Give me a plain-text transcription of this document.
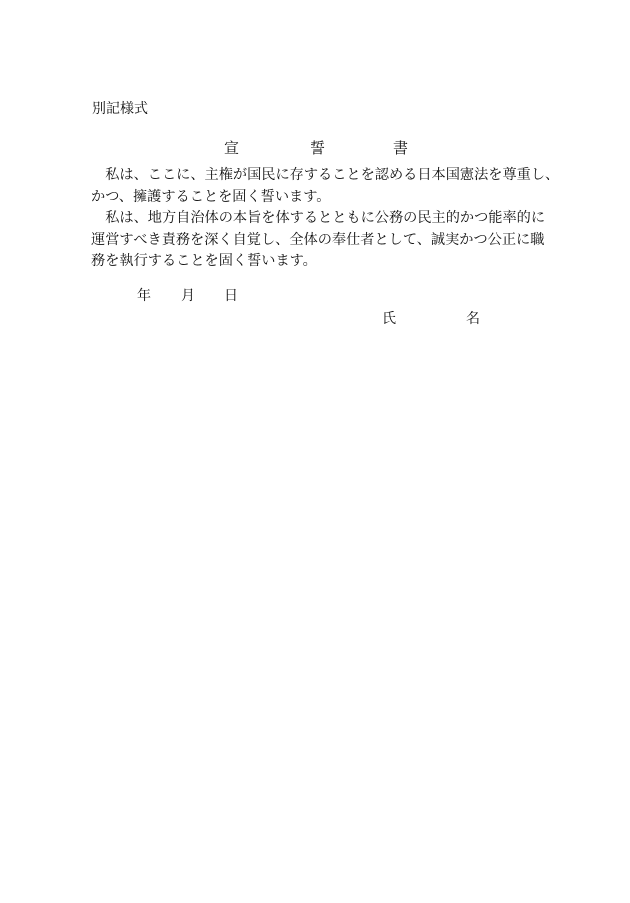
別記様式
宣	誓	書

　私は、ここに、主権が国民に存することを認める日本国憲法を尊重し、
かつ、擁護することを固く誓います。

　私は、地方自治体の本旨を体するとともに公務の民主的かつ能率的に
運営すべき責務を深く自覚し、全体の奉仕者として、誠実かつ公正に職
務を執行することを固く誓います。

年 月 日
氏	名
